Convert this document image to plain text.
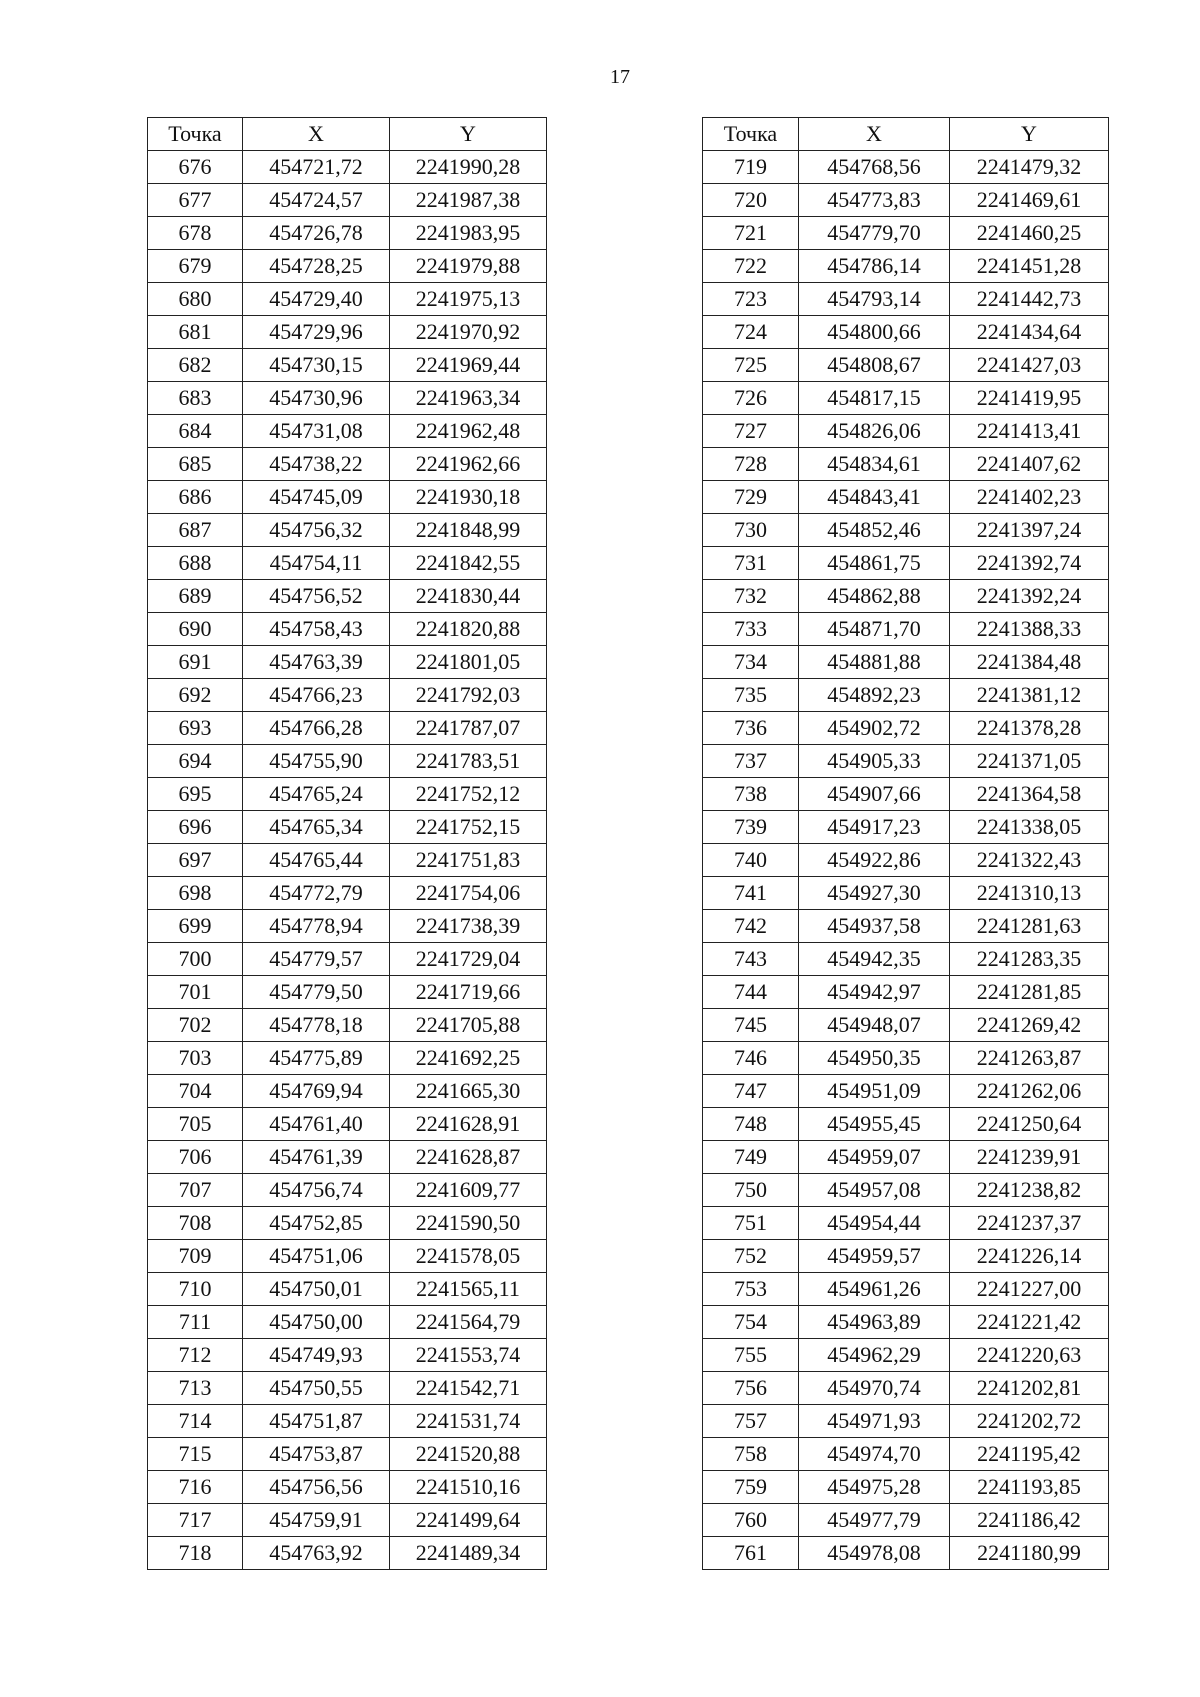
17
Точка	X	Y
676	454721,72	2241990,28
677	454724,57	2241987,38
678	454726,78	2241983,95
679	454728,25	2241979,88
680	454729,40	2241975,13
681	454729,96	2241970,92
682	454730,15	2241969,44
683	454730,96	2241963,34
684	454731,08	2241962,48
685	454738,22	2241962,66
686	454745,09	2241930,18
687	454756,32	2241848,99
688	454754,11	2241842,55
689	454756,52	2241830,44
690	454758,43	2241820,88
691	454763,39	2241801,05
692	454766,23	2241792,03
693	454766,28	2241787,07
694	454755,90	2241783,51
695	454765,24	2241752,12
696	454765,34	2241752,15
697	454765,44	2241751,83
698	454772,79	2241754,06
699	454778,94	2241738,39
700	454779,57	2241729,04
701	454779,50	2241719,66
702	454778,18	2241705,88
703	454775,89	2241692,25
704	454769,94	2241665,30
705	454761,40	2241628,91
706	454761,39	2241628,87
707	454756,74	2241609,77
708	454752,85	2241590,50
709	454751,06	2241578,05
710	454750,01	2241565,11
711	454750,00	2241564,79
712	454749,93	2241553,74
713	454750,55	2241542,71
714	454751,87	2241531,74
715	454753,87	2241520,88
716	454756,56	2241510,16
717	454759,91	2241499,64
718	454763,92	2241489,34
Точка	X	Y
719	454768,56	2241479,32
720	454773,83	2241469,61
721	454779,70	2241460,25
722	454786,14	2241451,28
723	454793,14	2241442,73
724	454800,66	2241434,64
725	454808,67	2241427,03
726	454817,15	2241419,95
727	454826,06	2241413,41
728	454834,61	2241407,62
729	454843,41	2241402,23
730	454852,46	2241397,24
731	454861,75	2241392,74
732	454862,88	2241392,24
733	454871,70	2241388,33
734	454881,88	2241384,48
735	454892,23	2241381,12
736	454902,72	2241378,28
737	454905,33	2241371,05
738	454907,66	2241364,58
739	454917,23	2241338,05
740	454922,86	2241322,43
741	454927,30	2241310,13
742	454937,58	2241281,63
743	454942,35	2241283,35
744	454942,97	2241281,85
745	454948,07	2241269,42
746	454950,35	2241263,87
747	454951,09	2241262,06
748	454955,45	2241250,64
749	454959,07	2241239,91
750	454957,08	2241238,82
751	454954,44	2241237,37
752	454959,57	2241226,14
753	454961,26	2241227,00
754	454963,89	2241221,42
755	454962,29	2241220,63
756	454970,74	2241202,81
757	454971,93	2241202,72
758	454974,70	2241195,42
759	454975,28	2241193,85
760	454977,79	2241186,42
761	454978,08	2241180,99
